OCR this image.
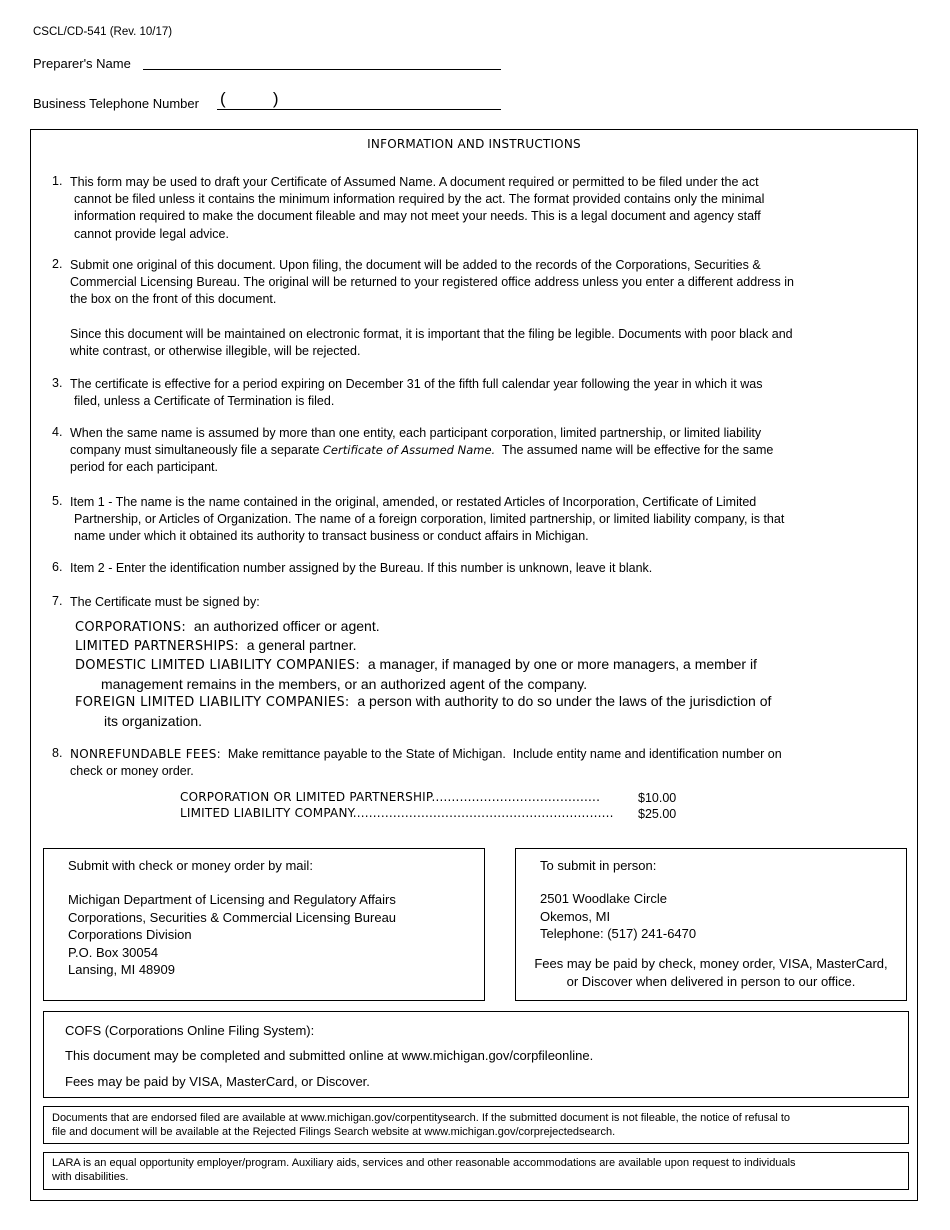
CSCL/CD-541 (Rev. 10/17)
Preparer's Name
Business Telephone Number (          )
INFORMATION AND INSTRUCTIONS
1. This form may be used to draft your Certificate of Assumed Name. A document required or permitted to be filed under the act
cannot be filed unless it contains the minimum information required by the act. The format provided contains only the minimal
information required to make the document fileable and may not meet your needs. This is a legal document and agency staff
cannot provide legal advice.
2. Submit one original of this document. Upon filing, the document will be added to the records of the Corporations, Securities &
Commercial Licensing Bureau. The original will be returned to your registered office address unless you enter a different address in
the box on the front of this document.
Since this document will be maintained on electronic format, it is important that the filing be legible. Documents with poor black and
white contrast, or otherwise illegible, will be rejected.
3. The certificate is effective for a period expiring on December 31 of the fifth full calendar year following the year in which it was
filed, unless a Certificate of Termination is filed.
4. When the same name is assumed by more than one entity, each participant corporation, limited partnership, or limited liability
company must simultaneously file a separate Certificate of Assumed Name.  The assumed name will be effective for the same
period for each participant.
5. Item 1 - The name is the name contained in the original, amended, or restated Articles of Incorporation, Certificate of Limited
Partnership, or Articles of Organization. The name of a foreign corporation, limited partnership, or limited liability company, is that
name under which it obtained its authority to transact business or conduct affairs in Michigan.
6. Item 2 - Enter the identification number assigned by the Bureau. If this number is unknown, leave it blank.
7. The Certificate must be signed by:
CORPORATIONS:  an authorized officer or agent.
LIMITED PARTNERSHIPS:  a general partner.
DOMESTIC LIMITED LIABILITY COMPANIES:  a manager, if managed by one or more managers, a member if
management remains in the members, or an authorized agent of the company.
FOREIGN LIMITED LIABILITY COMPANIES:  a person with authority to do so under the laws of the jurisdiction of
its organization.
8. NONREFUNDABLE FEES:  Make remittance payable to the State of Michigan.  Include entity name and identification number on
check or money order.
CORPORATION OR LIMITED PARTNERSHIP..........................................	$10.00
LIMITED LIABILITY COMPANY................................................................. $25.00
Submit with check or money order by mail:
Michigan Department of Licensing and Regulatory Affairs
Corporations, Securities & Commercial Licensing Bureau
Corporations Division
P.O. Box 30054
Lansing, MI 48909
To submit in person:
2501 Woodlake Circle
Okemos, MI
Telephone: (517) 241-6470
Fees may be paid by check, money order, VISA, MasterCard,
or Discover when delivered in person to our office.
COFS (Corporations Online Filing System):
This document may be completed and submitted online at www.michigan.gov/corpfileonline.
Fees may be paid by VISA, MasterCard, or Discover.
Documents that are endorsed filed are available at www.michigan.gov/corpentitysearch. If the submitted document is not fileable, the notice of refusal to
file and document will be available at the Rejected Filings Search website at www.michigan.gov/corprejectedsearch.
LARA is an equal opportunity employer/program. Auxiliary aids, services and other reasonable accommodations are available upon request to individuals
with disabilities.
